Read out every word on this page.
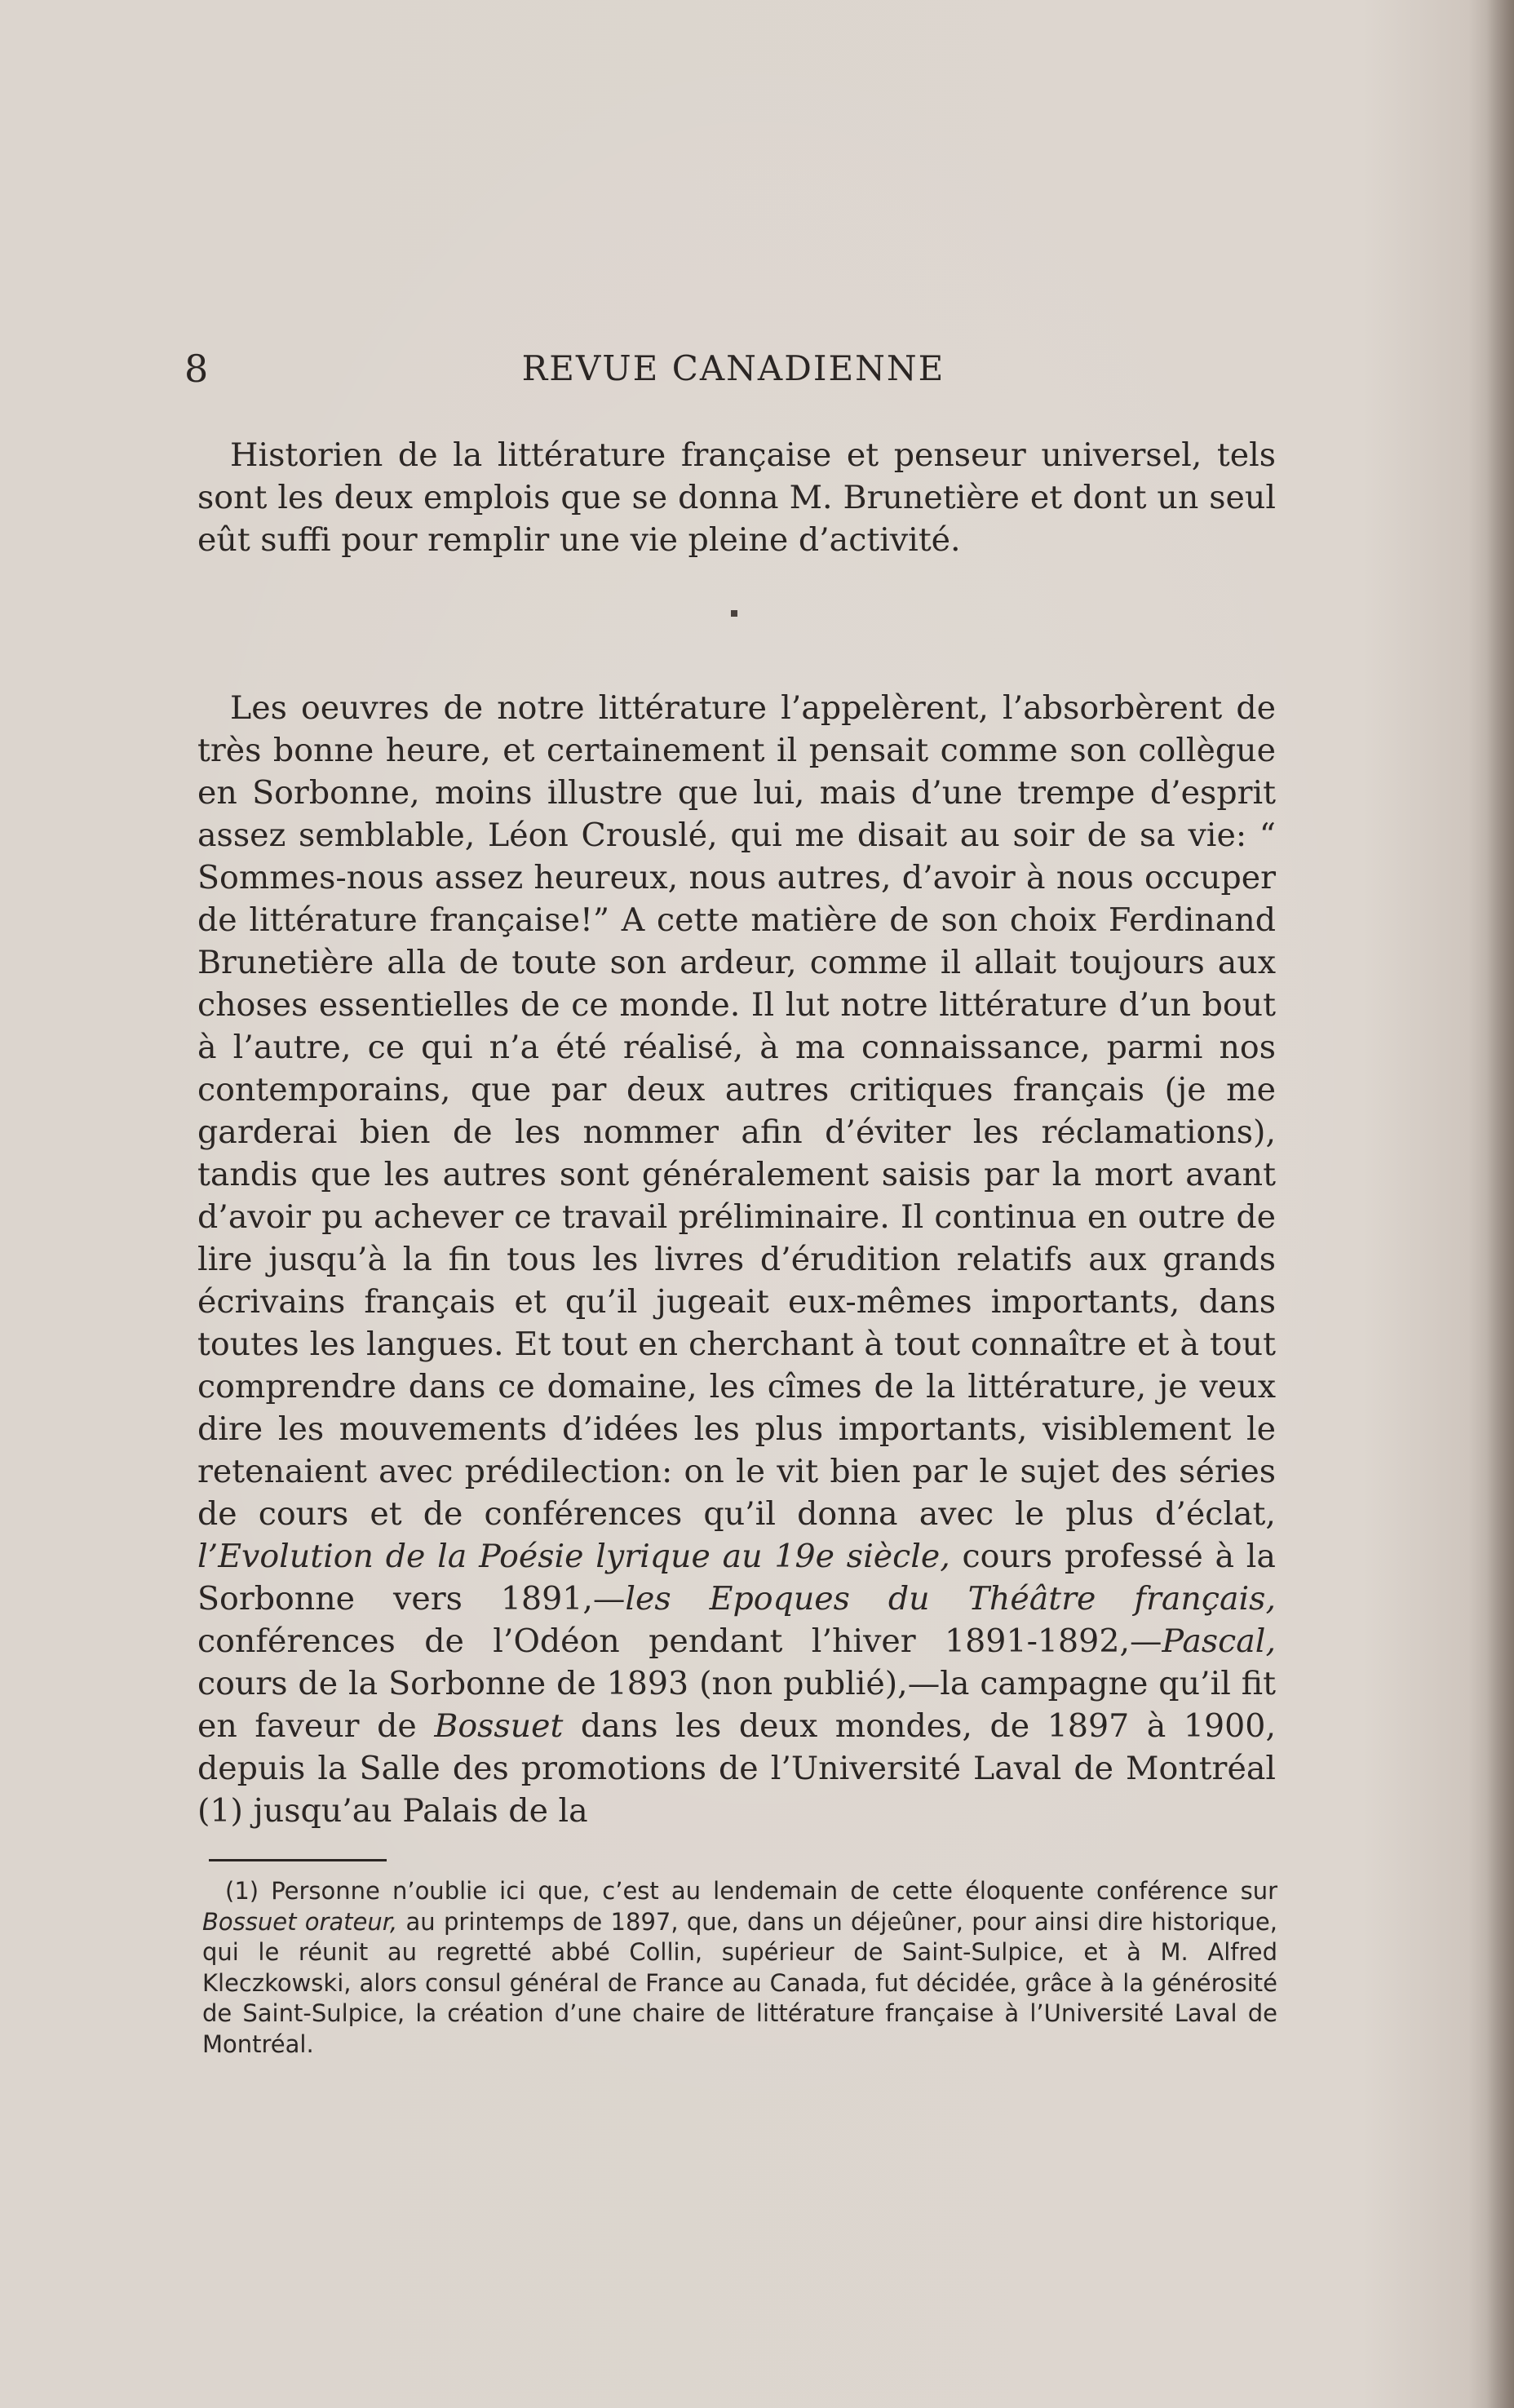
8	REVUE CANADIENNE

Historien de la littérature française et penseur universel, tels sont les deux emplois que se donna M. Brunetière et dont un seul eût suffi pour remplir une vie pleine d’activité.

Les oeuvres de notre littérature l’appelèrent, l’absorbèrent de très bonne heure, et certainement il pensait comme son collègue en Sorbonne, moins illustre que lui, mais d’une trempe d’esprit assez semblable, Léon Crouslé, qui me disait au soir de sa vie: “ Sommes-nous assez heureux, nous autres, d’avoir à nous occuper de littérature française!” A cette matière de son choix Ferdinand Brunetière alla de toute son ardeur, comme il allait toujours aux choses essentielles de ce monde. Il lut notre littérature d’un bout à l’autre, ce qui n’a été réalisé, à ma connaissance, parmi nos contemporains, que par deux autres critiques français (je me garderai bien de les nommer afin d’éviter les réclamations), tandis que les autres sont généralement saisis par la mort avant d’avoir pu achever ce travail préliminaire. Il continua en outre de lire jusqu’à la fin tous les livres d’érudition relatifs aux grands écrivains français et qu’il jugeait eux-mêmes importants, dans toutes les langues. Et tout en cherchant à tout connaître et à tout comprendre dans ce domaine, les cîmes de la littérature, je veux dire les mouvements d’idées les plus importants, visiblement le retenaient avec prédilection: on le vit bien par le sujet des séries de cours et de conférences qu’il donna avec le plus d’éclat, l’Evolution de la Poésie lyrique au 19e siècle, cours professé à la Sorbonne vers 1891,—les Epoques du Théâtre français, conférences de l’Odéon pendant l’hiver 1891-1892,—Pascal, cours de la Sorbonne de 1893 (non publié),—la campagne qu’il fit en faveur de Bossuet dans les deux mondes, de 1897 à 1900, depuis la Salle des promotions de l’Université Laval de Montréal (1) jusqu’au Palais de la

(1) Personne n’oublie ici que, c’est au lendemain de cette éloquente conférence sur Bossuet orateur, au printemps de 1897, que, dans un déjeûner, pour ainsi dire historique, qui le réunit au regretté abbé Collin, supérieur de Saint-Sulpice, et à M. Alfred Kleczkowski, alors consul général de France au Canada, fut décidée, grâce à la générosité de Saint-Sulpice, la création d’une chaire de littérature française à l’Université Laval de Montréal.
